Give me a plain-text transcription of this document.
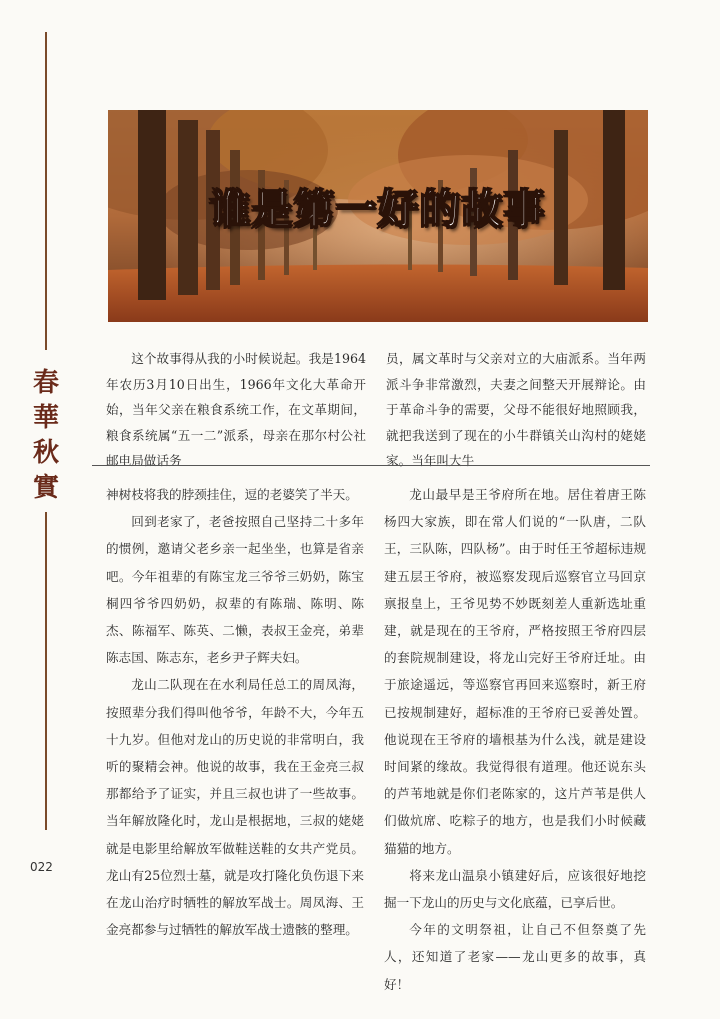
春
華
秋
實
022
谁是第一好的故事

这个故事得从我的小时候说起。我是1964年农历3月10日出生，1966年文化大革命开始，当年父亲在粮食系统工作，在文革期间，粮食系统属“五一二”派系，母亲在那尔村公社邮电局做话务

员，属文革时与父亲对立的大庙派系。当年两派斗争非常激烈，夫妻之间整天开展辩论。由于革命斗争的需要，父母不能很好地照顾我，就把我送到了现在的小牛群镇关山沟村的姥姥家。当年叫大牛

神树枝将我的脖颈挂住，逗的老婆笑了半天。

回到老家了，老爸按照自己坚持二十多年的惯例，邀请父老乡亲一起坐坐，也算是省亲吧。今年祖辈的有陈宝龙三爷爷三奶奶，陈宝桐四爷爷四奶奶，叔辈的有陈瑞、陈明、陈杰、陈福军、陈英、二懒，表叔王金亮，弟辈陈志国、陈志东，老乡尹子辉夫妇。

龙山二队现在在水利局任总工的周凤海，按照辈分我们得叫他爷爷，年龄不大，今年五十九岁。但他对龙山的历史说的非常明白，我听的聚精会神。他说的故事，我在王金亮三叔那都给予了证实，并且三叔也讲了一些故事。当年解放隆化时，龙山是根据地，三叔的姥姥就是电影里给解放军做鞋送鞋的女共产党员。龙山有25位烈士墓，就是攻打隆化负伤退下来在龙山治疗时牺牲的解放军战士。周凤海、王金亮都参与过牺牲的解放军战士遗骸的整理。

龙山最早是王爷府所在地。居住着唐王陈杨四大家族，即在常人们说的“一队唐，二队王，三队陈，四队杨”。由于时任王爷超标违规建五层王爷府，被巡察发现后巡察官立马回京禀报皇上，王爷见势不妙既刻差人重新选址重建，就是现在的王爷府，严格按照王爷府四层的套院规制建设，将龙山完好王爷府迁址。由于旅途遥远，等巡察官再回来巡察时，新王府已按规制建好，超标准的王爷府已妥善处置。他说现在王爷府的墙根基为什么浅，就是建设时间紧的缘故。我觉得很有道理。他还说东头的芦苇地就是你们老陈家的，这片芦苇是供人们做炕席、吃粽子的地方，也是我们小时候藏猫猫的地方。

将来龙山温泉小镇建好后，应该很好地挖掘一下龙山的历史与文化底蕴，已享后世。

今年的文明祭祖，让自己不但祭奠了先人，还知道了老家——龙山更多的故事，真好！
